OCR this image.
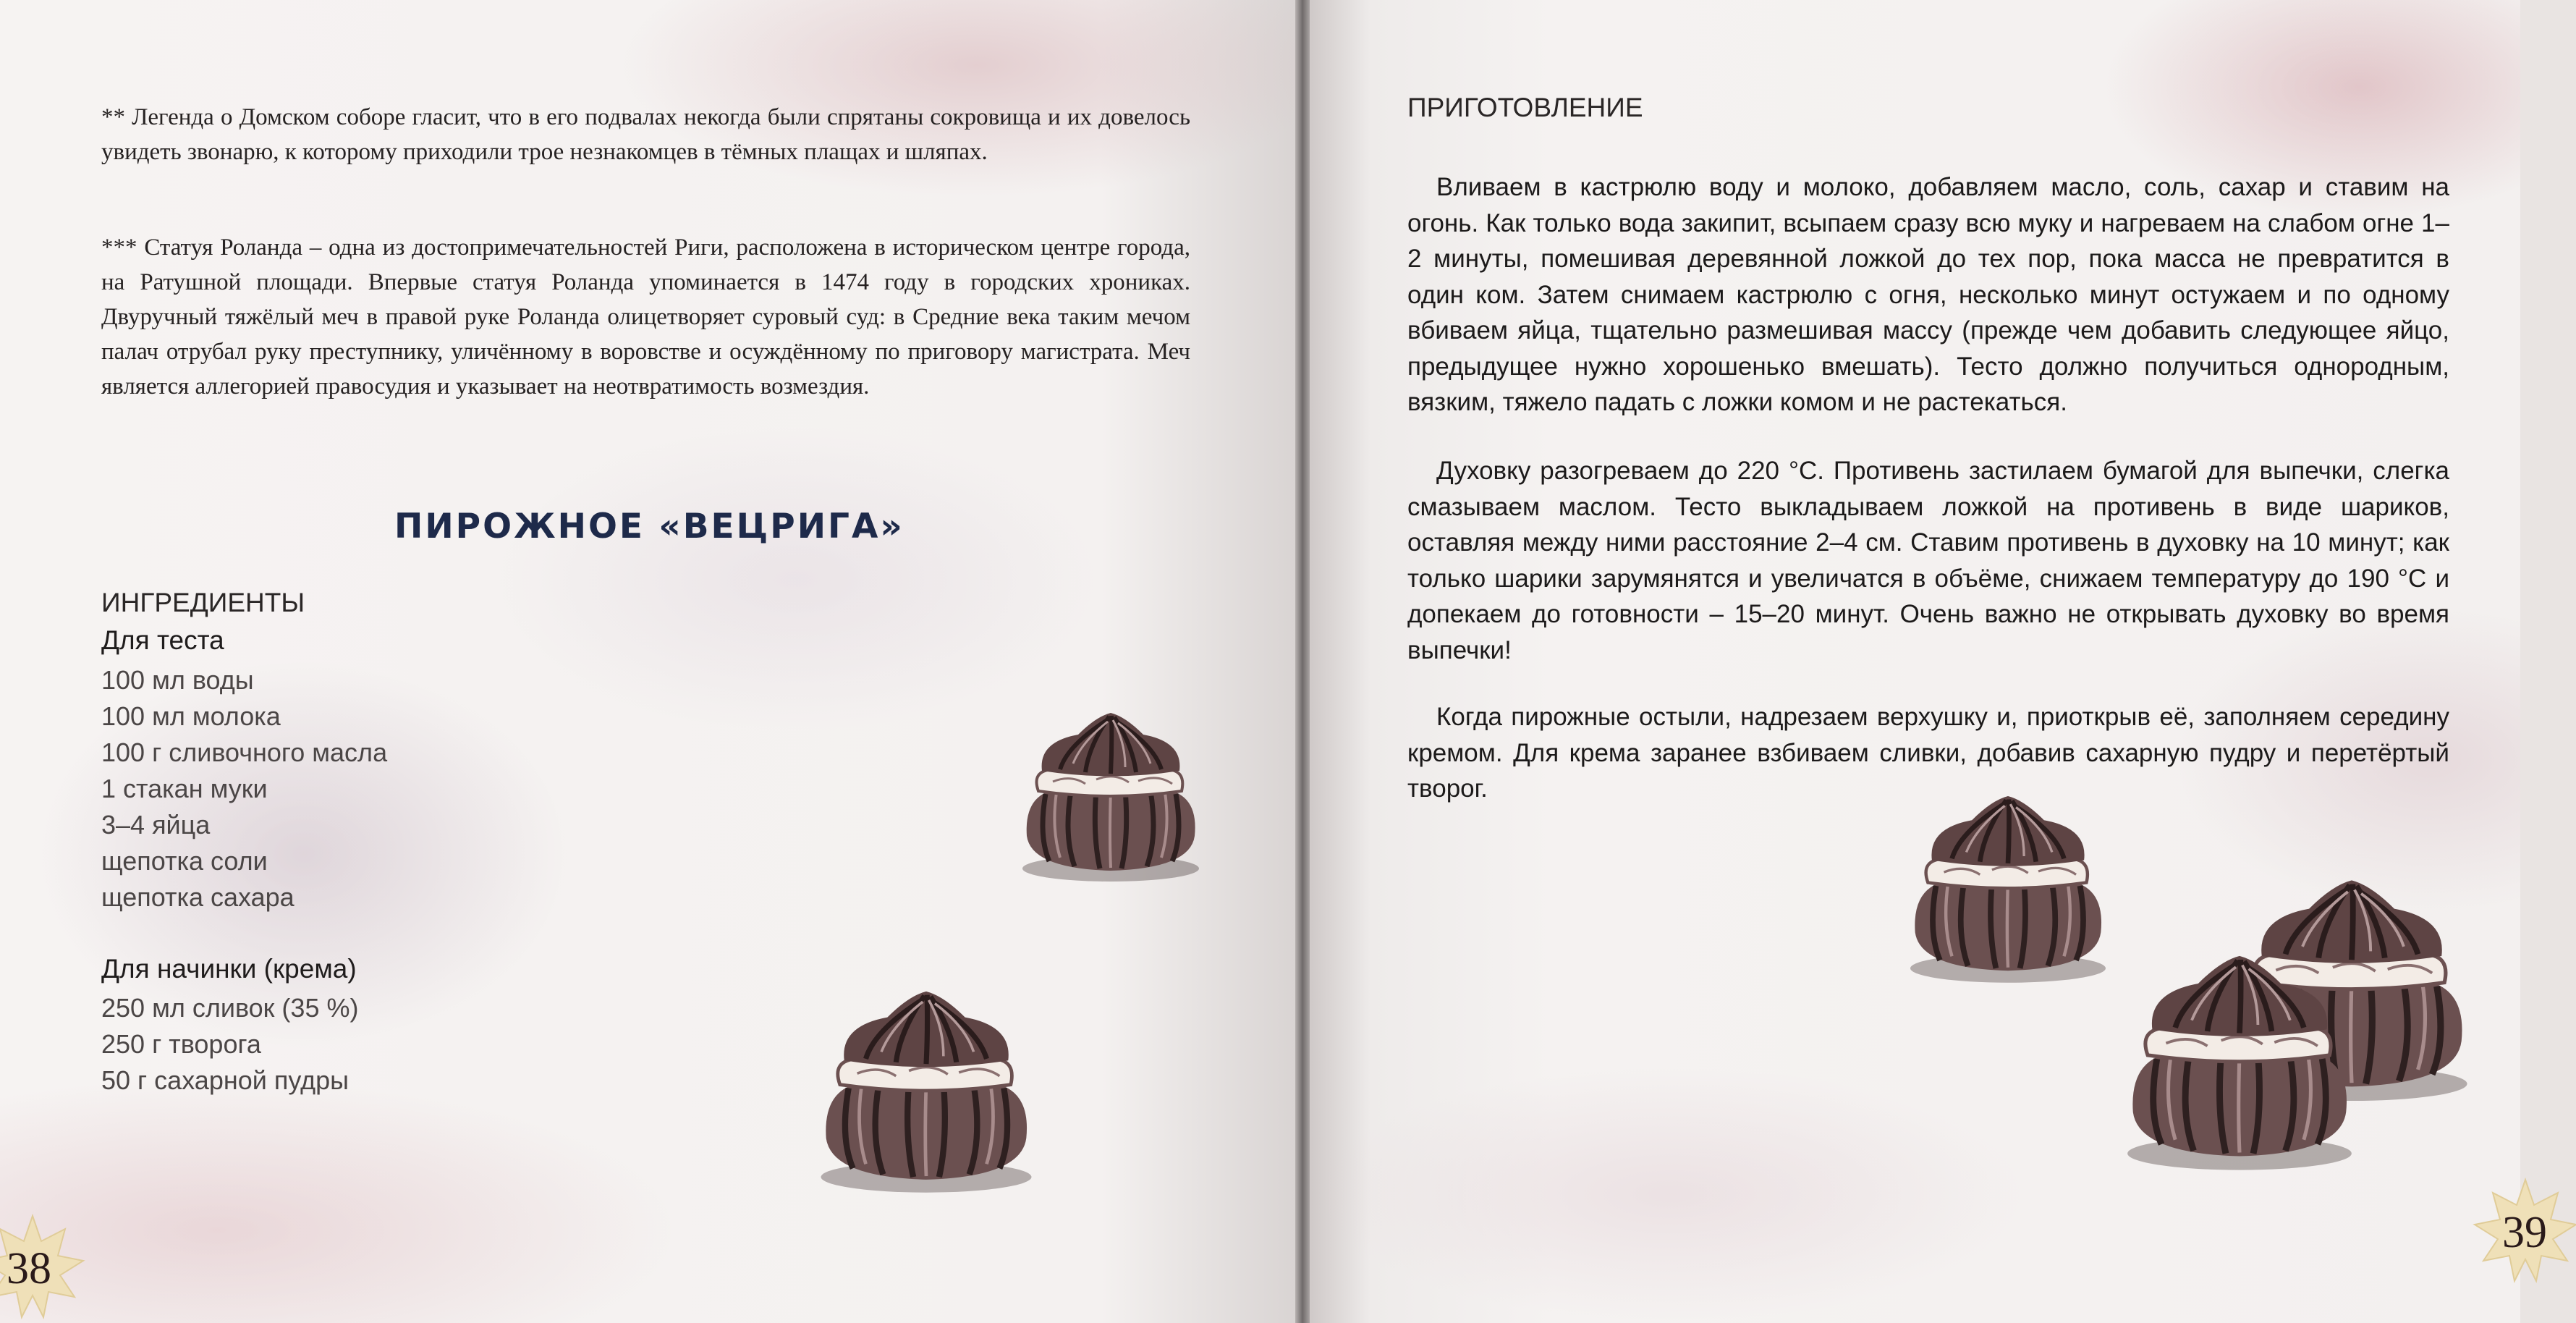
** Легенда о Домском соборе гласит, что в его подвалах некогда были спрятаны сокровища и их довелось увидеть звонарю, к которому приходили трое незнакомцев в тёмных плащах и шляпах.

*** Статуя Роланда – одна из достопримечательностей Риги, расположена в историческом центре города, на Ратушной площади. Впервые статуя Роланда упоминается в 1474 году в городских хрониках. Двуручный тяжёлый меч в правой руке Роланда олицетворяет суровый суд: в Средние века таким мечом палач отрубал руку преступнику, уличённому в воровстве и осуждённому по приговору магистрата. Меч является аллегорией правосудия и указывает на неотвратимость возмездия.

ПИРОЖНОЕ «ВЕЦРИГА»

ИНГРЕДИЕНТЫ

Для теста

100 мл воды
100 мл молока
100 г сливочного масла
1 стакан муки
3–4 яйца
щепотка соли
щепотка сахара

Для начинки (крема)

250 мл сливок (35 %)
250 г творога
50 г сахарной пудры
38

ПРИГОТОВЛЕНИЕ

Вливаем в кастрюлю воду и молоко, добавляем масло, соль, сахар и ставим на огонь. Как только вода закипит, всыпаем сразу всю муку и нагреваем на слабом огне 1–2 минуты, помешивая деревянной ложкой до тех пор, пока масса не превратится в один ком. Затем снимаем кастрюлю с огня, несколько минут остужаем и по одному вбиваем яйца, тщательно размешивая массу (прежде чем добавить следующее яйцо, предыдущее нужно хорошенько вмешать). Тесто должно получиться однородным, вязким, тяжело падать с ложки комом и не растекаться.

Духовку разогреваем до 220 °С. Противень застилаем бумагой для выпечки, слегка смазываем маслом. Тесто выкладываем ложкой на противень в виде шариков, оставляя между ними расстояние 2–4 см. Ставим противень в духовку на 10 минут; как только шарики зарумянятся и увеличатся в объёме, снижаем температуру до 190 °С и допекаем до готовности – 15–20 минут. Очень важно не открывать духовку во время выпечки!

Когда пирожные остыли, надрезаем верхушку и, приоткрыв её, заполняем середину кремом. Для крема заранее взбиваем сливки, добавив сахарную пудру и перетёртый творог.

39
